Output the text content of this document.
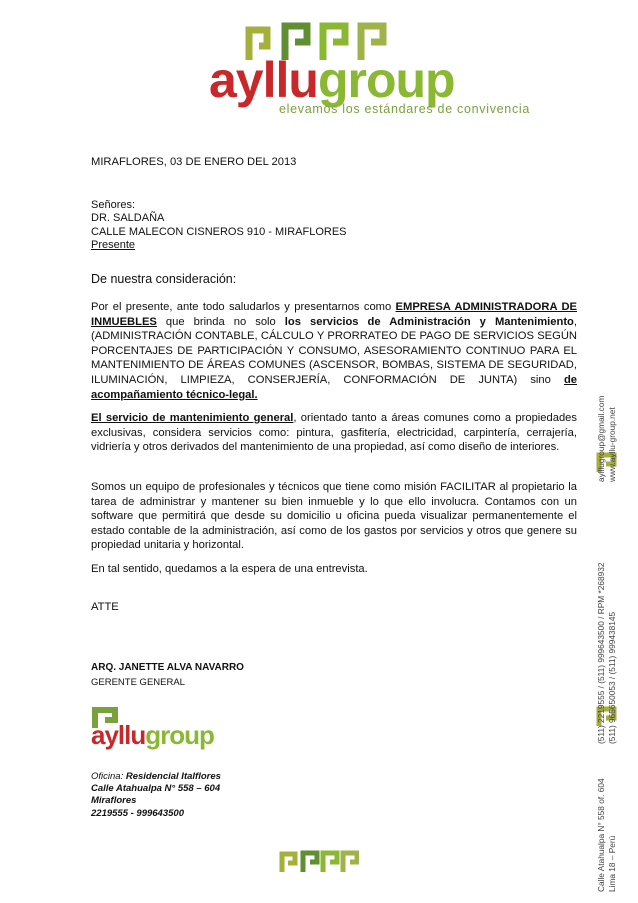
ayllugroup
elevamos los estándares de convivencia
MIRAFLORES, 03 DE ENERO DEL 2013
Señores:
DR. SALDAÑA
CALLE MALECON CISNEROS 910 - MIRAFLORES
Presente
De nuestra consideración:
Por el presente, ante todo saludarlos y presentarnos como EMPRESA ADMINISTRADORA DE INMUEBLES que brinda no solo los servicios de Administración y Mantenimiento, (ADMINISTRACIÓN CONTABLE, CÁLCULO Y PRORRATEO DE PAGO DE SERVICIOS SEGÚN PORCENTAJES DE PARTICIPACIÓN Y CONSUMO, ASESORAMIENTO CONTINUO PARA EL MANTENIMIENTO DE ÁREAS COMUNES (ASCENSOR, BOMBAS, SISTEMA DE SEGURIDAD, ILUMINACIÓN, LIMPIEZA, CONSERJERÍA, CONFORMACIÓN DE JUNTA) sino de acompañamiento técnico-legal.
El servicio de mantenimiento general, orientado tanto a áreas comunes como a propiedades exclusivas, considera servicios como: pintura, gasfitería, electricidad, carpintería, cerrajería, vidriería y otros derivados del mantenimiento de una propiedad, así como diseño de interiores.
Somos un equipo de profesionales y técnicos que tiene como misión FACILITAR al propietario la tarea de administrar y mantener su bien inmueble y lo que ello involucra. Contamos con un software que permitirá que desde su domicilio u oficina pueda visualizar permanentemente el estado contable de la administración, así como de los gastos por servicios y otros que genere su propiedad unitaria y horizontal.
En tal sentido, quedamos a la espera de una entrevista.
ATTE
ARQ. JANETTE ALVA NAVARRO
GERENTE GENERAL
ayllugroup
Oficina: Residencial Italflores
Calle Atahualpa N° 558 – 604
Miraflores
2219555 - 999643500	Calle Atahualpa N° 558 of. 604 Lima 18 – Perú
(511) 2219555 / (511) 999643500 / RPM *268932 (511) 965650053 / (511) 999438145
aylllugroup@gmail.com www.ayllu-group.net
